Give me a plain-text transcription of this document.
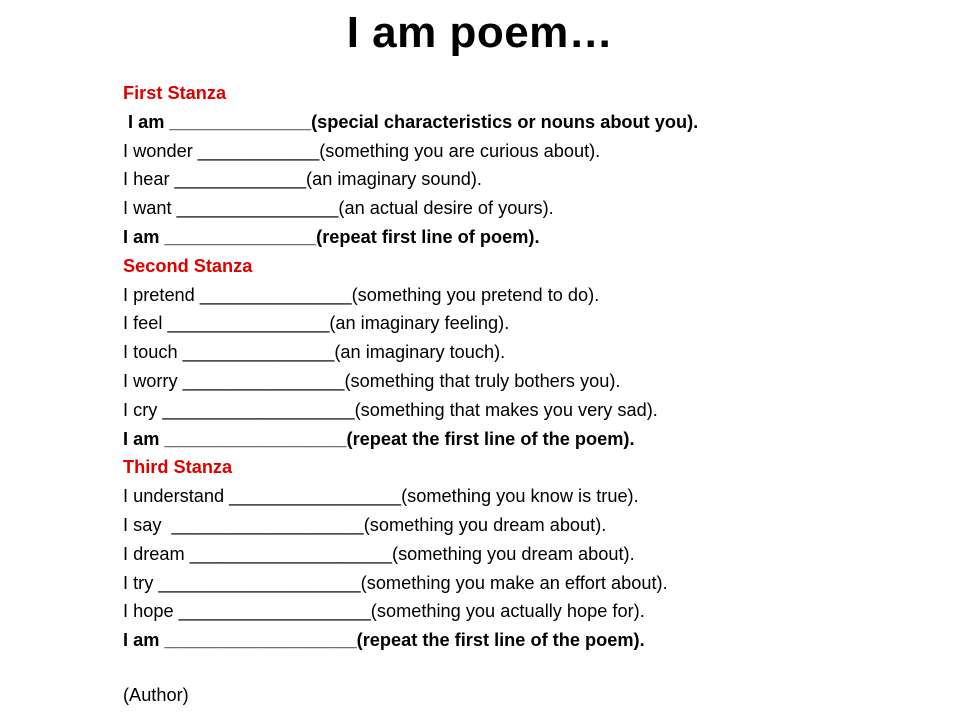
I am poem…
First Stanza
I am ______________(special characteristics or nouns about you).
I wonder ____________(something you are curious about).
I hear _____________(an imaginary sound).
I want ________________(an actual desire of yours).
I am _______________(repeat first line of poem).
Second Stanza
I pretend _______________(something you pretend to do).
I feel ________________(an imaginary feeling).
I touch _______________(an imaginary touch).
I worry ________________(something that truly bothers you).
I cry ___________________(something that makes you very sad).
I am __________________(repeat the first line of the poem).
Third Stanza
I understand _________________(something you know is true).
I say  ___________________(something you dream about).
I dream ____________________(something you dream about).
I try ____________________(something you make an effort about).
I hope ___________________(something you actually hope for).
I am ___________________(repeat the first line of the poem).
(Author)
